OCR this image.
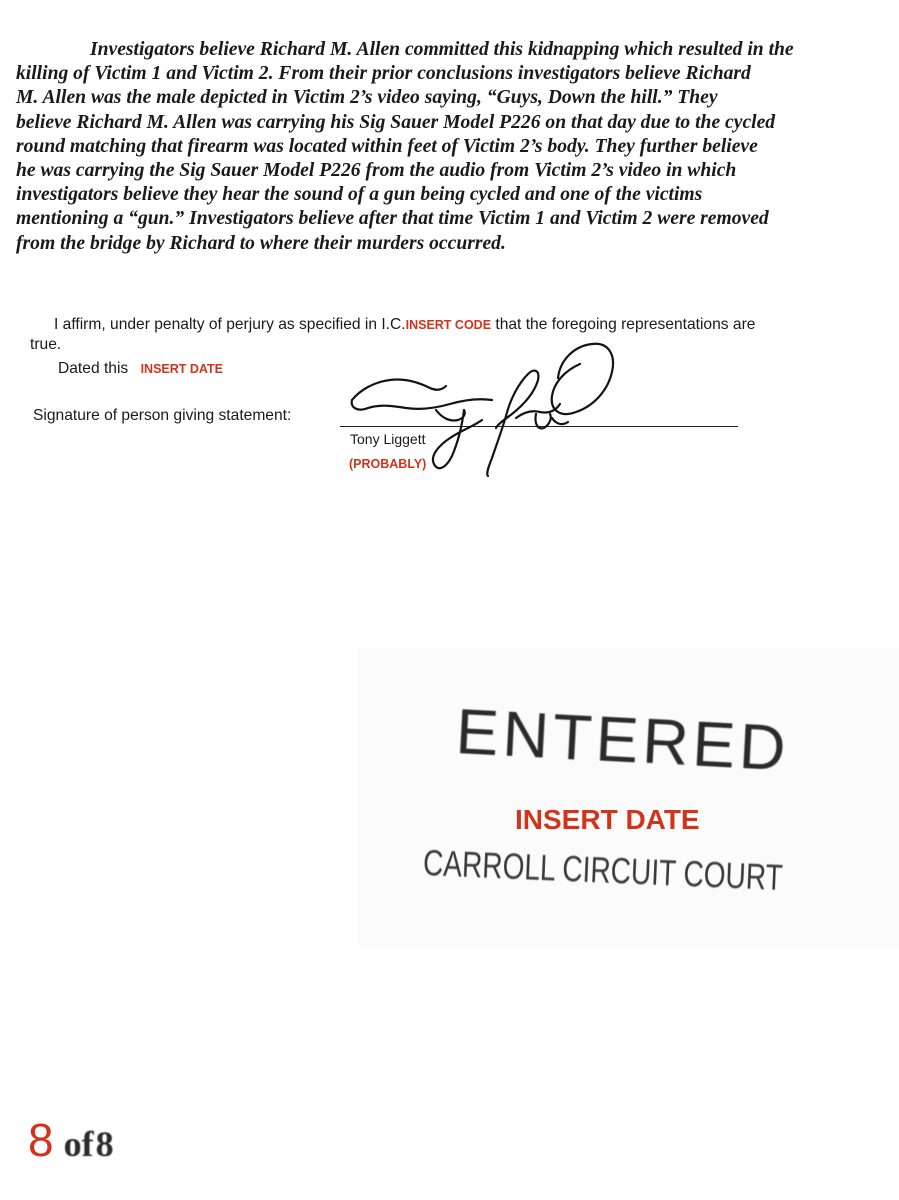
Investigators believe Richard M. Allen committed this kidnapping which resulted in the
killing of Victim 1 and Victim 2. From their prior conclusions investigators believe Richard
M. Allen was the male depicted in Victim 2’s video saying, “Guys, Down the hill.” They
believe Richard M. Allen was carrying his Sig Sauer Model P226 on that day due to the cycled
round matching that firearm was located within feet of Victim 2’s body. They further believe
he was carrying the Sig Sauer Model P226 from the audio from Victim 2’s video in which
investigators believe they hear the sound of a gun being cycled and one of the victims
mentioning a “gun.” Investigators believe after that time Victim 1 and Victim 2 were removed
from the bridge by Richard to where their murders occurred.
I affirm, under penalty of perjury as specified in I.C.INSERT CODE that the foregoing representations are
true.
Dated this INSERT DATE
Signature of person giving statement:
Tony Liggett
(PROBABLY)
ENTERED
INSERT DATE
CARROLL CIRCUIT COURT
8 of8
